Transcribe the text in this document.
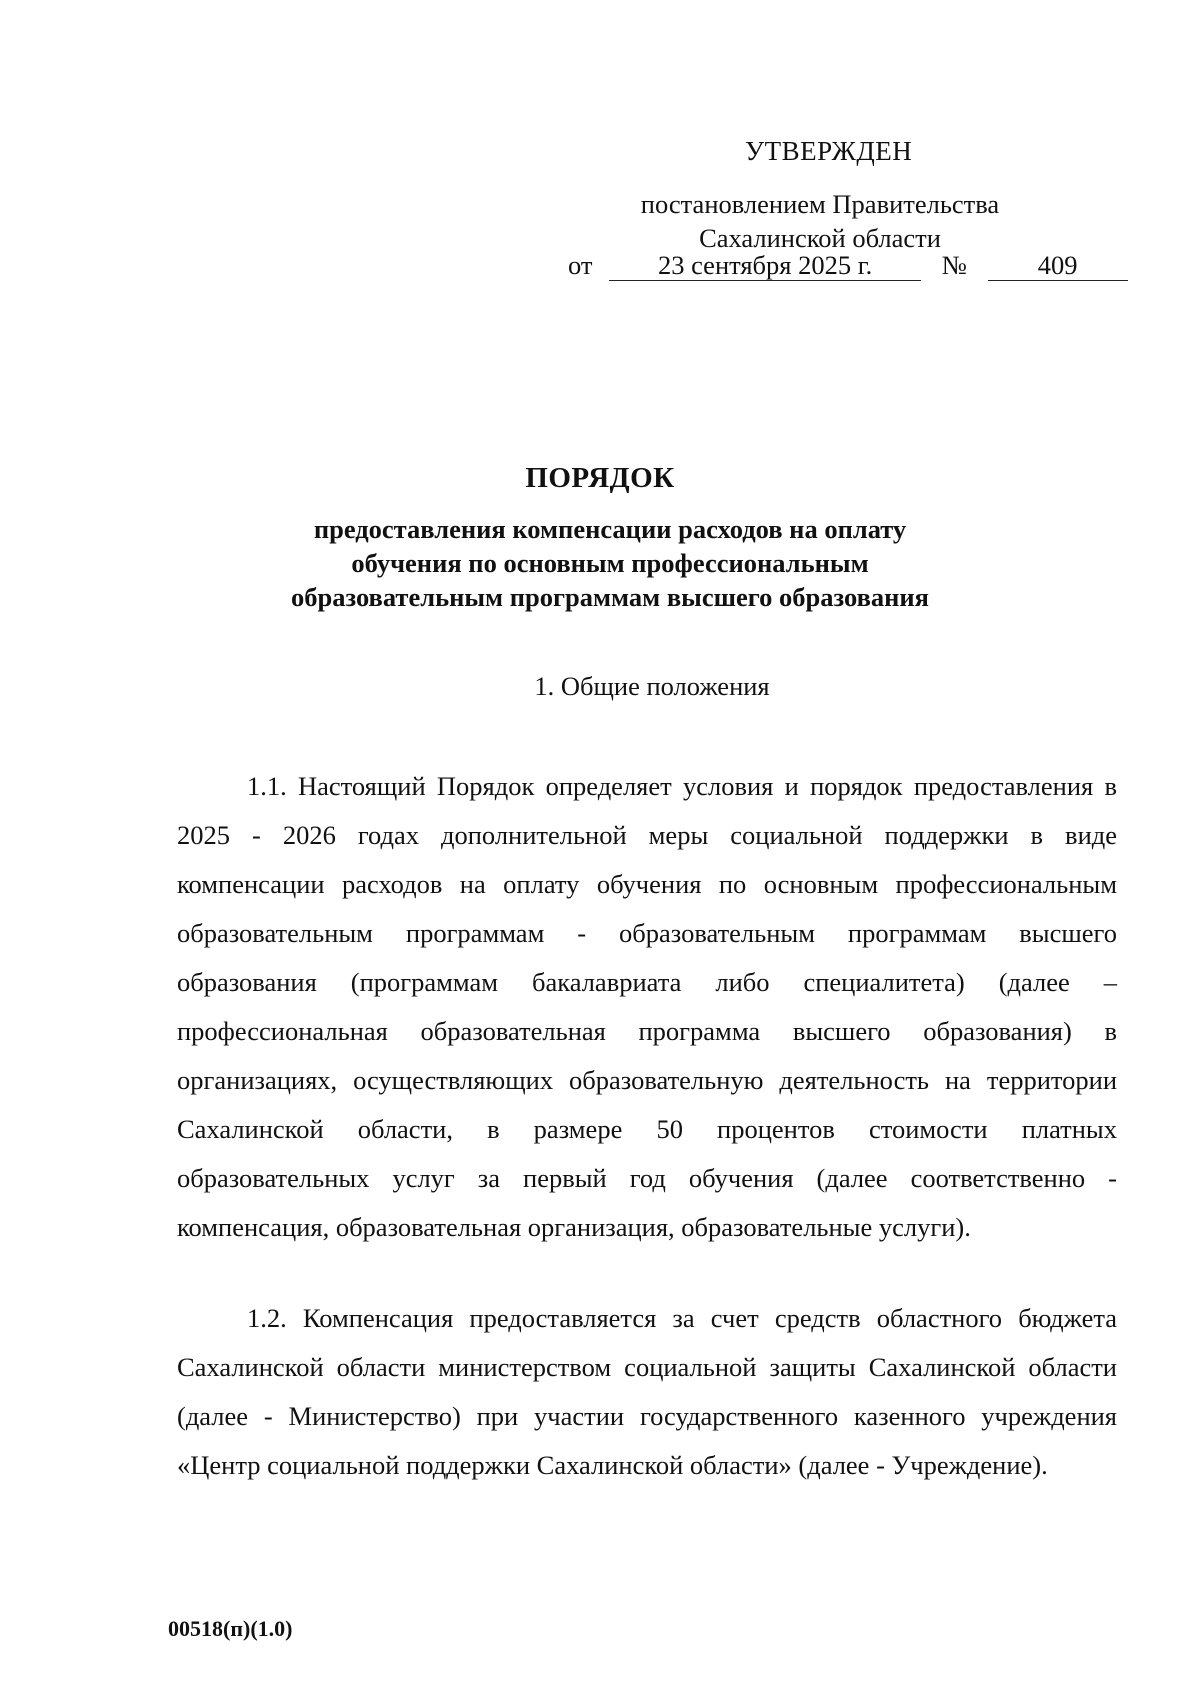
УТВЕРЖДЕН
постановлением Правительства
Сахалинской области
от 23 сентября 2025 г.	№	409
ПОРЯДОК
предоставления компенсации расходов на оплату
обучения по основным профессиональным
образовательным программам высшего образования
1. Общие положения

1.1. Настоящий Порядок определяет условия и порядок предоставления в 2025 - 2026 годах дополнительной меры социальной поддержки в виде компенсации расходов на оплату обучения по основным профессиональным образовательным программам - образовательным программам высшего образования (программам бакалавриата либо специалитета) (далее – профессиональная образовательная программа высшего образования) в организациях, осуществляющих образовательную деятельность на территории Сахалинской области, в размере 50 процентов стоимости платных образовательных услуг за первый год обучения (далее соответственно - компенсация, образовательная организация, образовательные услуги).

1.2. Компенсация предоставляется за счет средств областного бюджета Сахалинской области министерством социальной защиты Сахалинской области (далее - Министерство) при участии государственного казенного учреждения «Центр социальной поддержки Сахалинской области» (далее - Учреждение).

00518(п)(1.0)
